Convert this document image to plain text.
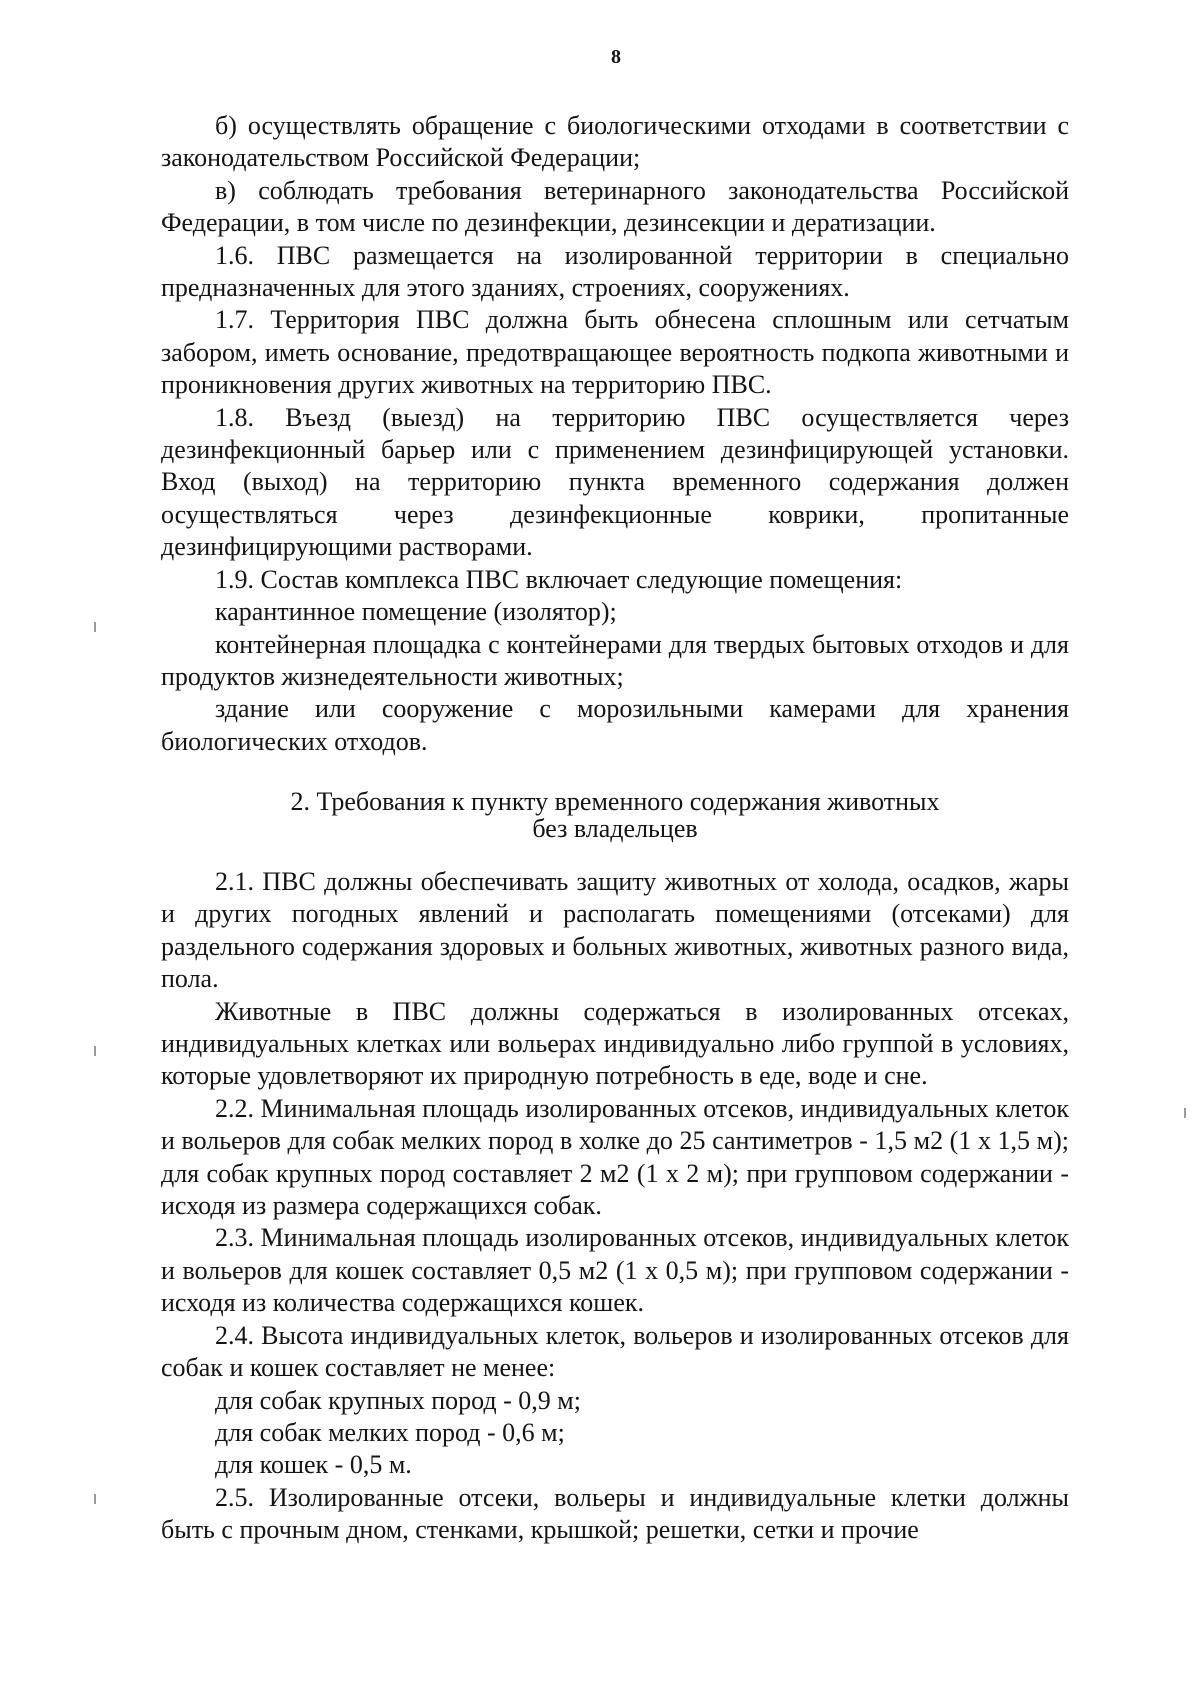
8

б) осуществлять обращение с биологическими отходами в соответствии с законодательством Российской Федерации;

в) соблюдать требования ветеринарного законодательства Российской Федерации, в том числе по дезинфекции, дезинсекции и дератизации.

1.6. ПВС размещается на изолированной территории в специально предназначенных для этого зданиях, строениях, сооружениях.

1.7. Территория ПВС должна быть обнесена сплошным или сетчатым забором, иметь основание, предотвращающее вероятность подкопа животными и проникновения других животных на территорию ПВС.

1.8. Въезд (выезд) на территорию ПВС осуществляется через дезинфекционный барьер или с применением дезинфицирующей установки. Вход (выход) на территорию пункта временного содержания должен осуществляться через дезинфекционные коврики, пропитанные дезинфицирующими растворами.

1.9. Состав комплекса ПВС включает следующие помещения:

карантинное помещение (изолятор);

контейнерная площадка с контейнерами для твердых бытовых отходов и для продуктов жизнедеятельности животных;

здание или сооружение с морозильными камерами для хранения биологических отходов.

2. Требования к пункту временного содержания животных
без владельцев

2.1. ПВС должны обеспечивать защиту животных от холода, осадков, жары и других погодных явлений и располагать помещениями (отсеками) для раздельного содержания здоровых и больных животных, животных разного вида, пола.

Животные в ПВС должны содержаться в изолированных отсеках, индивидуальных клетках или вольерах индивидуально либо группой в условиях, которые удовлетворяют их природную потребность в еде, воде и сне.

2.2. Минимальная площадь изолированных отсеков, индивидуальных клеток и вольеров для собак мелких пород в холке до 25 сантиметров - 1,5 м2 (1 х 1,5 м); для собак крупных пород составляет 2 м2 (1 х 2 м); при групповом содержании - исходя из размера содержащихся собак.

2.3. Минимальная площадь изолированных отсеков, индивидуальных клеток и вольеров для кошек составляет 0,5 м2 (1 х 0,5 м); при групповом содержании - исходя из количества содержащихся кошек.

2.4. Высота индивидуальных клеток, вольеров и изолированных отсеков для собак и кошек составляет не менее:

для собак крупных пород - 0,9 м;

для собак мелких пород - 0,6 м;

для кошек - 0,5 м.

2.5. Изолированные отсеки, вольеры и индивидуальные клетки должны быть с прочным дном, стенками, крышкой; решетки, сетки и прочие
